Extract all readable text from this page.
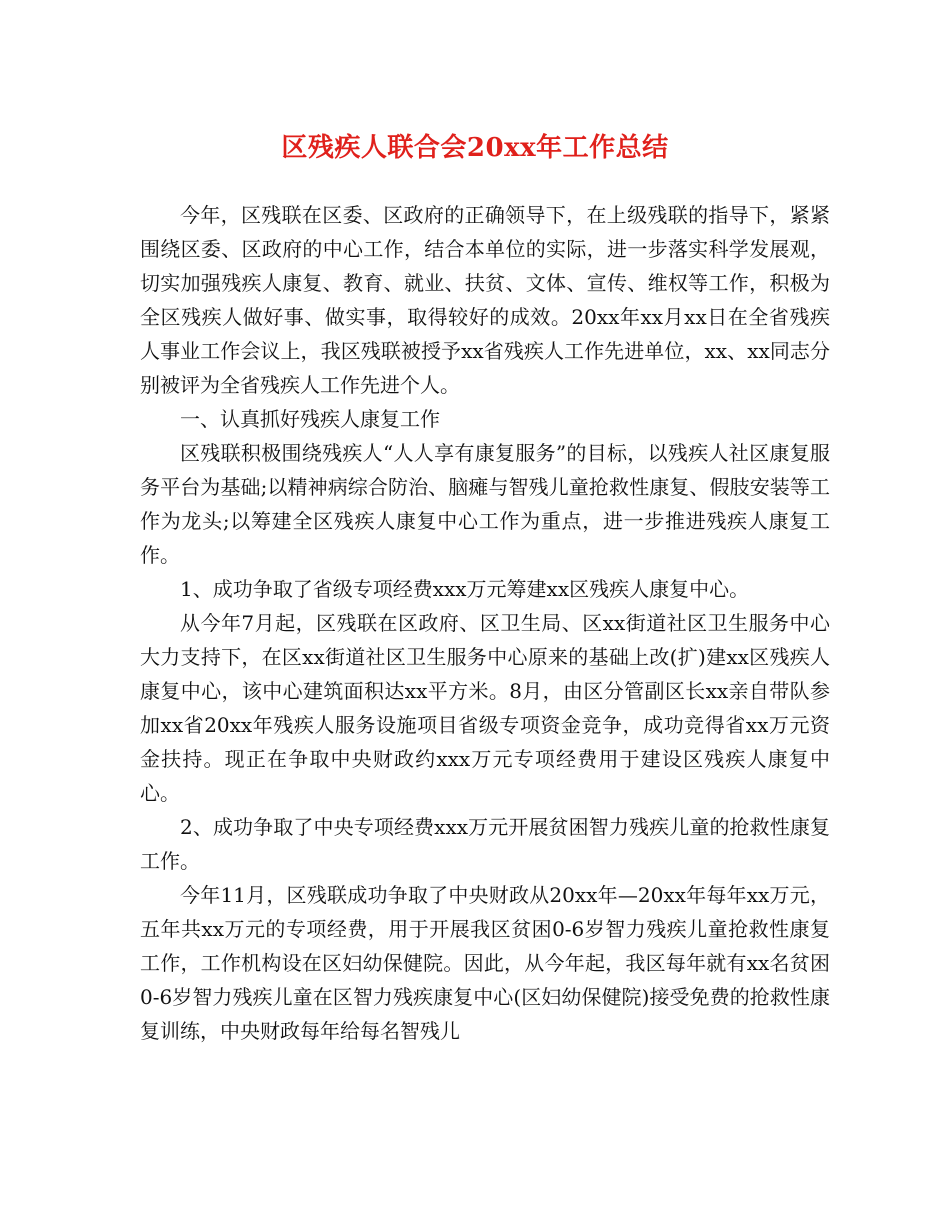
区残疾人联合会20xx年工作总结

今年，区残联在区委、区政府的正确领导下，在上级残联的指导下，紧紧围绕区委、区政府的中心工作，结合本单位的实际，进一步落实科学发展观，切实加强残疾人康复、教育、就业、扶贫、文体、宣传、维权等工作，积极为全区残疾人做好事、做实事，取得较好的成效。20xx年xx月xx日在全省残疾人事业工作会议上，我区残联被授予xx省残疾人工作先进单位，xx、xx同志分别被评为全省残疾人工作先进个人。

一、认真抓好残疾人康复工作

区残联积极围绕残疾人“人人享有康复服务”的目标，以残疾人社区康复服务平台为基础;以精神病综合防治、脑瘫与智残儿童抢救性康复、假肢安装等工作为龙头;以筹建全区残疾人康复中心工作为重点，进一步推进残疾人康复工作。

1、成功争取了省级专项经费xxx万元筹建xx区残疾人康复中心。

从今年7月起，区残联在区政府、区卫生局、区xx街道社区卫生服务中心大力支持下，在区xx街道社区卫生服务中心原来的基础上改(扩)建xx区残疾人康复中心，该中心建筑面积达xx平方米。8月，由区分管副区长xx亲自带队参加xx省20xx年残疾人服务设施项目省级专项资金竞争，成功竞得省xx万元资金扶持。现正在争取中央财政约xxx万元专项经费用于建设区残疾人康复中心。

2、成功争取了中央专项经费xxx万元开展贫困智力残疾儿童的抢救性康复工作。

今年11月，区残联成功争取了中央财政从20xx年—20xx年每年xx万元，五年共xx万元的专项经费，用于开展我区贫困0-6岁智力残疾儿童抢救性康复工作，工作机构设在区妇幼保健院。因此，从今年起，我区每年就有xx名贫困0-6岁智力残疾儿童在区智力残疾康复中心(区妇幼保健院)接受免费的抢救性康复训练，中央财政每年给每名智残儿
